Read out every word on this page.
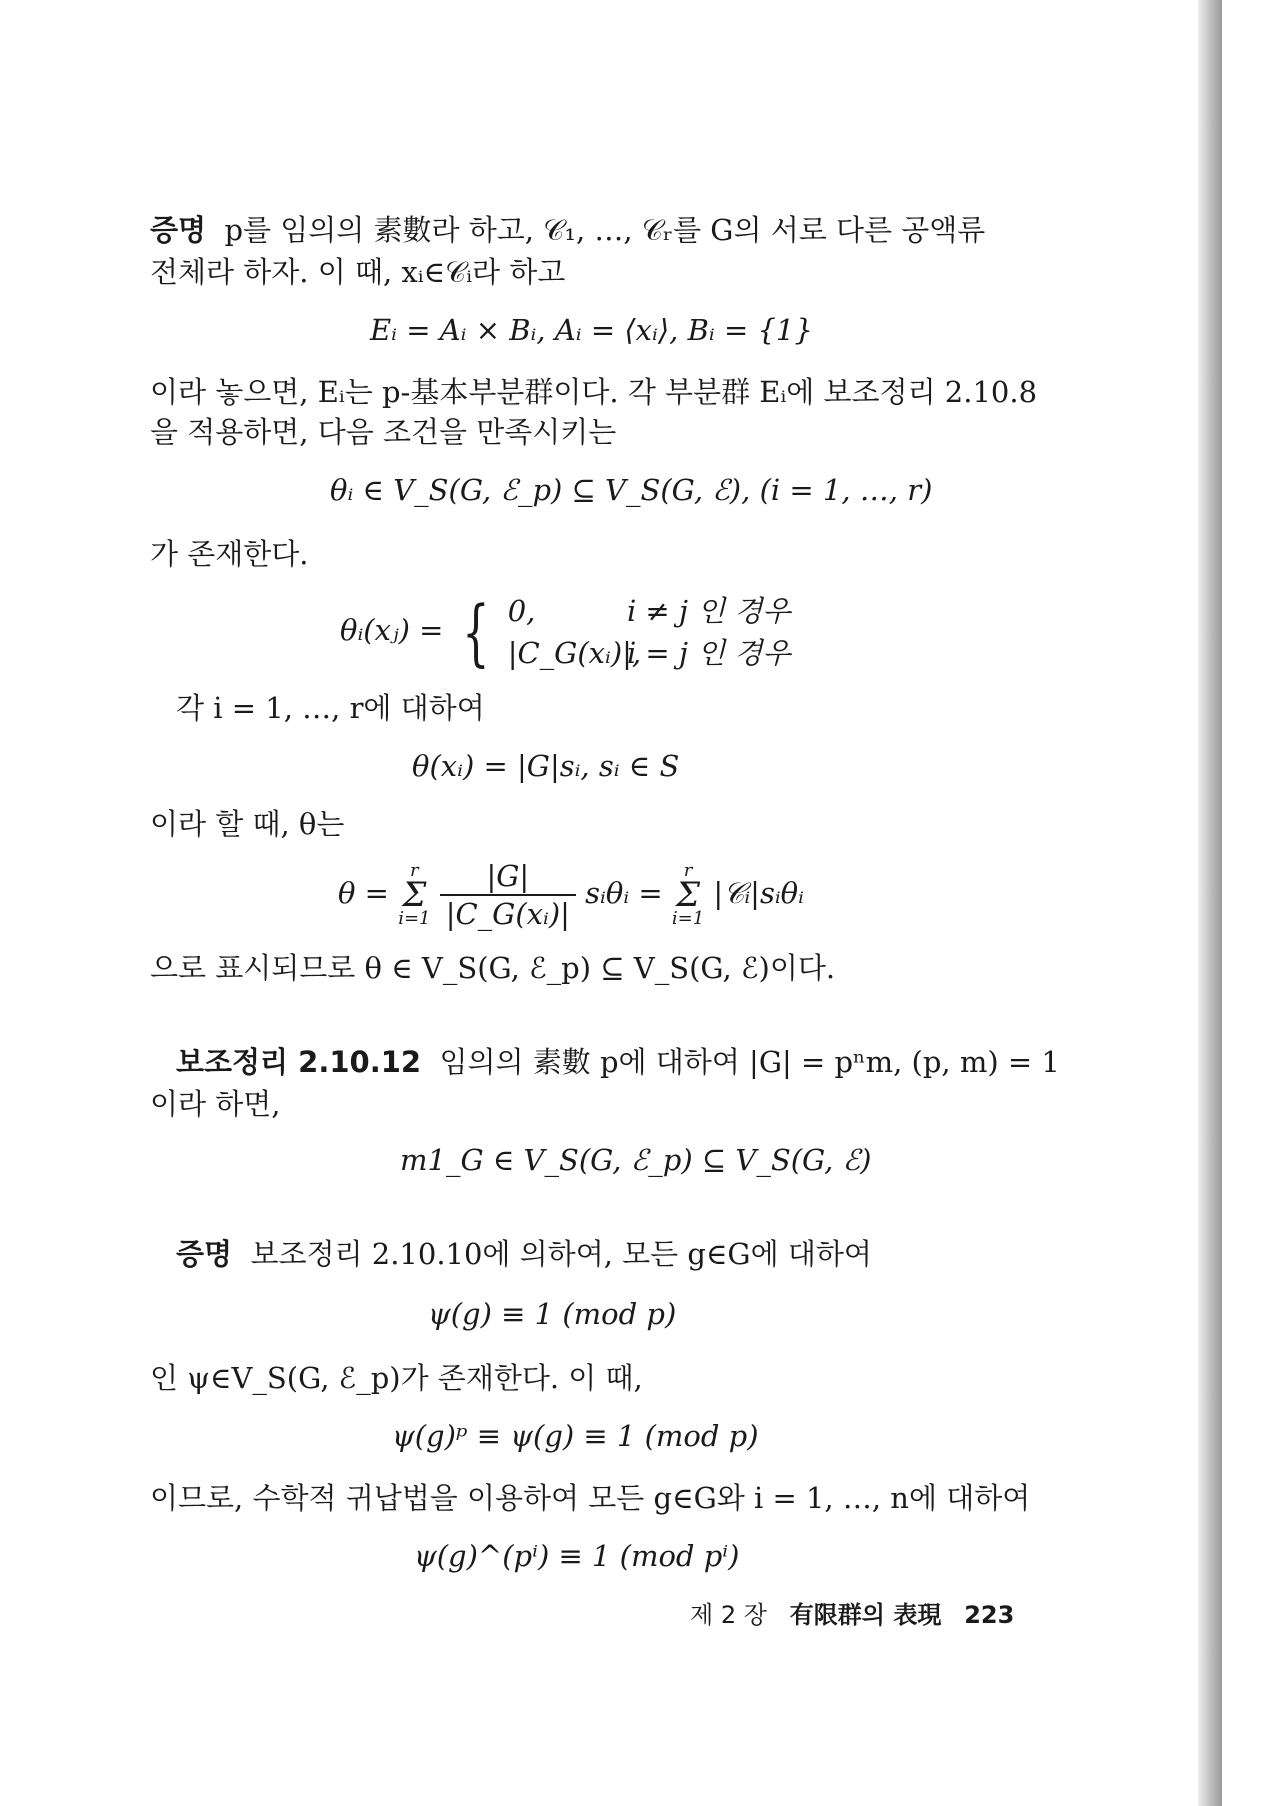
증명 p를 임의의 素數라 하고, 𝒞₁, …, 𝒞ᵣ를 G의 서로 다른 공액류
전체라 하자. 이 때, xᵢ∈𝒞ᵢ라 하고
Eᵢ = Aᵢ × Bᵢ, Aᵢ = ⟨xᵢ⟩, Bᵢ = {1}
이라 놓으면, Eᵢ는 p-基本부분群이다. 각 부분群 Eᵢ에 보조정리 2.10.8
을 적용하면, 다음 조건을 만족시키는
θᵢ ∈ V_S(G, ℰ_p) ⊆ V_S(G, ℰ), (i = 1, …, r)
가 존재한다.
θᵢ(xⱼ) = { 0,	i ≠ j 인 경우
|C_G(xᵢ)|, i = j 인 경우
각 i = 1, …, r에 대하여
θ(xᵢ) = |G|sᵢ, sᵢ ∈ S
이라 할 때, θ는
θ = r
Σ
$i=1 \frac{|G|}{\text{|C\_G(xᵢ)|}}$ sᵢθᵢ = r
Σ
i=1 |𝒞ᵢ|sᵢθᵢ
으로 표시되므로 θ ∈ V_S(G, ℰ_p) ⊆ V_S(G, ℰ)이다.
보조정리 2.10.12 임의의 素數 p에 대하여 |G| = pⁿm, (p, m) = 1
이라 하면,
m1_G ∈ V_S(G, ℰ_p) ⊆ V_S(G, ℰ)
증명 보조정리 2.10.10에 의하여, 모든 g∈G에 대하여
ψ(g) ≡ 1 (mod p)
인 ψ∈V_S(G, ℰ_p)가 존재한다. 이 때,
ψ(g)ᵖ ≡ ψ(g) ≡ 1 (mod p)
이므로, 수학적 귀납법을 이용하여 모든 g∈G와 i = 1, …, n에 대하여
ψ(g)^(pⁱ) ≡ 1 (mod pⁱ)
제 2 장 有限群의 表現 223
